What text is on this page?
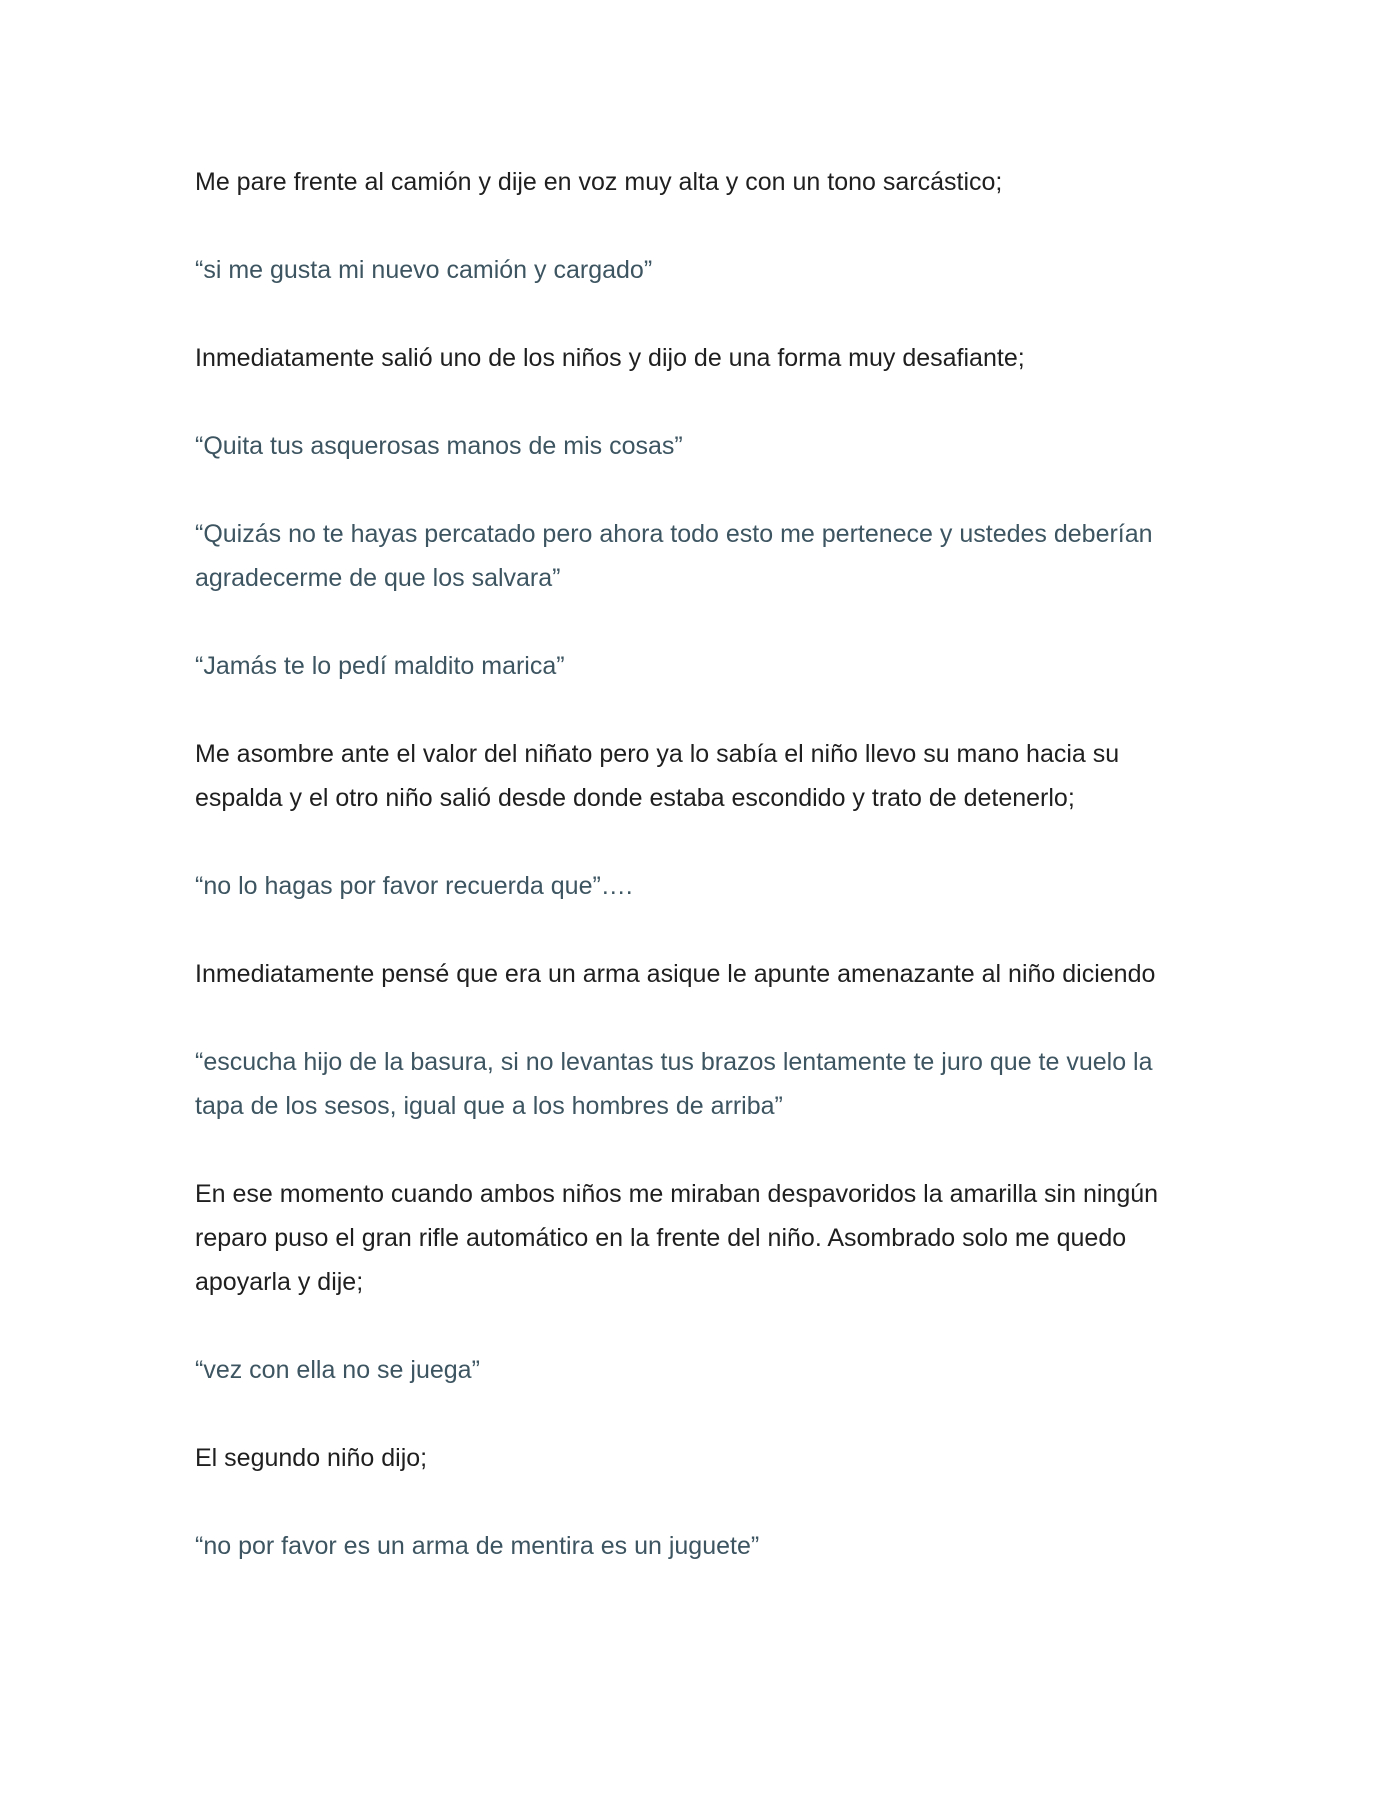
Me pare frente al camión y dije en voz muy alta y con un tono sarcástico;

“si me gusta mi nuevo camión y cargado”

Inmediatamente salió uno de los niños y dijo de una forma muy desafiante;

“Quita tus asquerosas manos de mis cosas”

“Quizás no te hayas percatado pero ahora todo esto me pertenece y ustedes deberían agradecerme de que los salvara”

“Jamás te lo pedí maldito marica”

Me asombre ante el valor del niñato pero ya lo sabía el niño llevo su mano hacia su espalda y el otro niño salió desde donde estaba escondido y trato de detenerlo;

“no lo hagas por favor recuerda que”….

Inmediatamente pensé que era un arma asique le apunte amenazante al niño diciendo

“escucha hijo de la basura, si no levantas tus brazos lentamente te juro que te vuelo la tapa de los sesos, igual que a los hombres de arriba”

En ese momento cuando ambos niños me miraban despavoridos la amarilla sin ningún reparo puso el gran rifle automático en la frente del niño. Asombrado solo me quedo apoyarla y dije;

“vez con ella no se juega”

El segundo niño dijo;

“no por favor es un arma de mentira es un juguete”
